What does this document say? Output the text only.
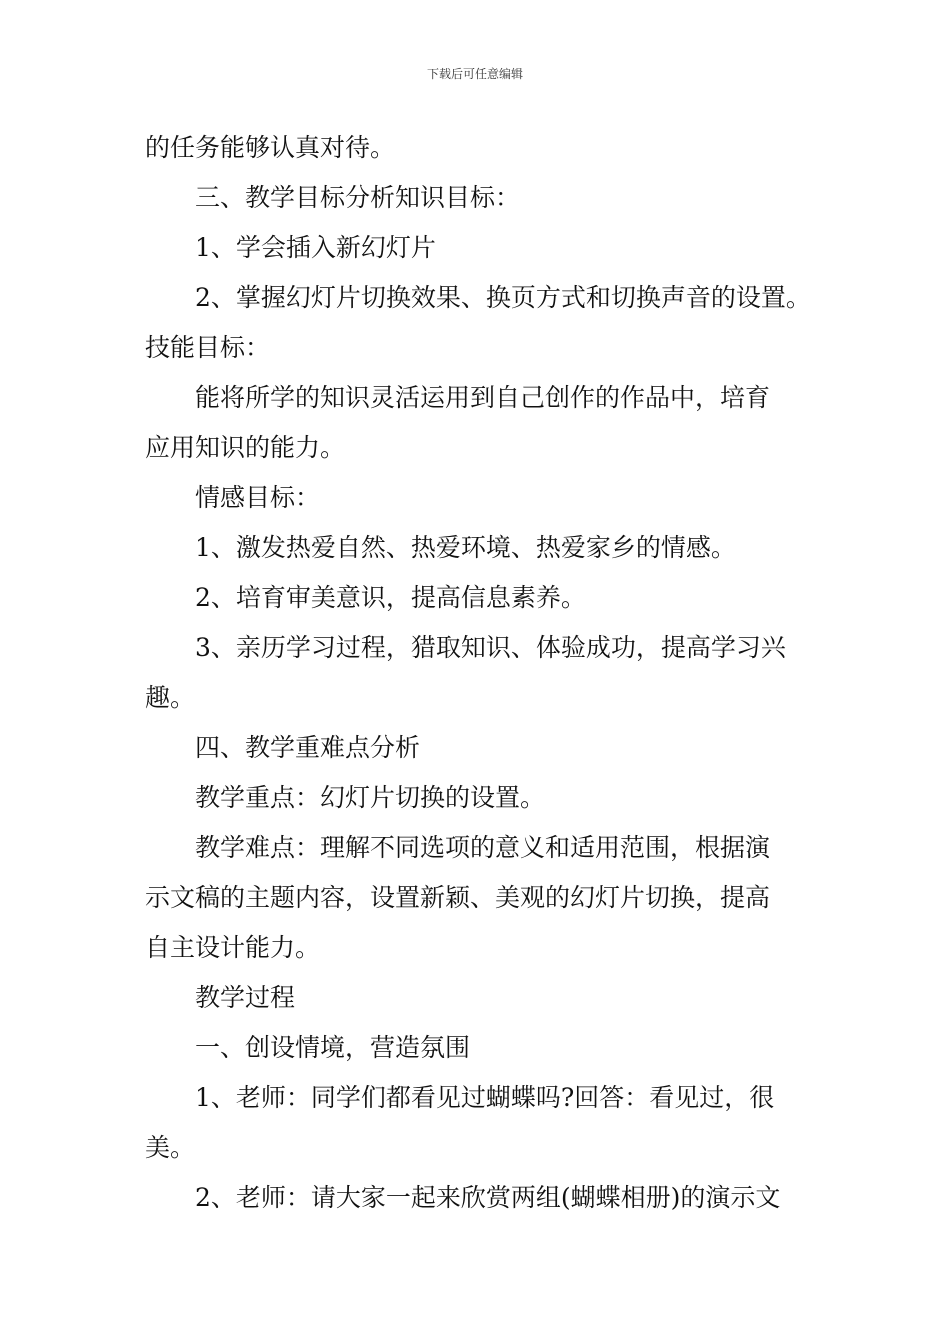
下载后可任意编辑
的任务能够认真对待。
三、教学目标分析知识目标：
1、学会插入新幻灯片
2、掌握幻灯片切换效果、换页方式和切换声音的设置。
技能目标：
能将所学的知识灵活运用到自己创作的作品中，培育
应用知识的能力。
情感目标：
1、激发热爱自然、热爱环境、热爱家乡的情感。
2、培育审美意识，提高信息素养。
3、亲历学习过程，猎取知识、体验成功，提高学习兴
趣。
四、教学重难点分析
教学重点：幻灯片切换的设置。
教学难点：理解不同选项的意义和适用范围，根据演
示文稿的主题内容，设置新颖、美观的幻灯片切换，提高
自主设计能力。
教学过程
一、创设情境，营造氛围
1、老师：同学们都看见过蝴蝶吗?回答：看见过，很
美。
2、老师：请大家一起来欣赏两组(蝴蝶相册)的演示文
